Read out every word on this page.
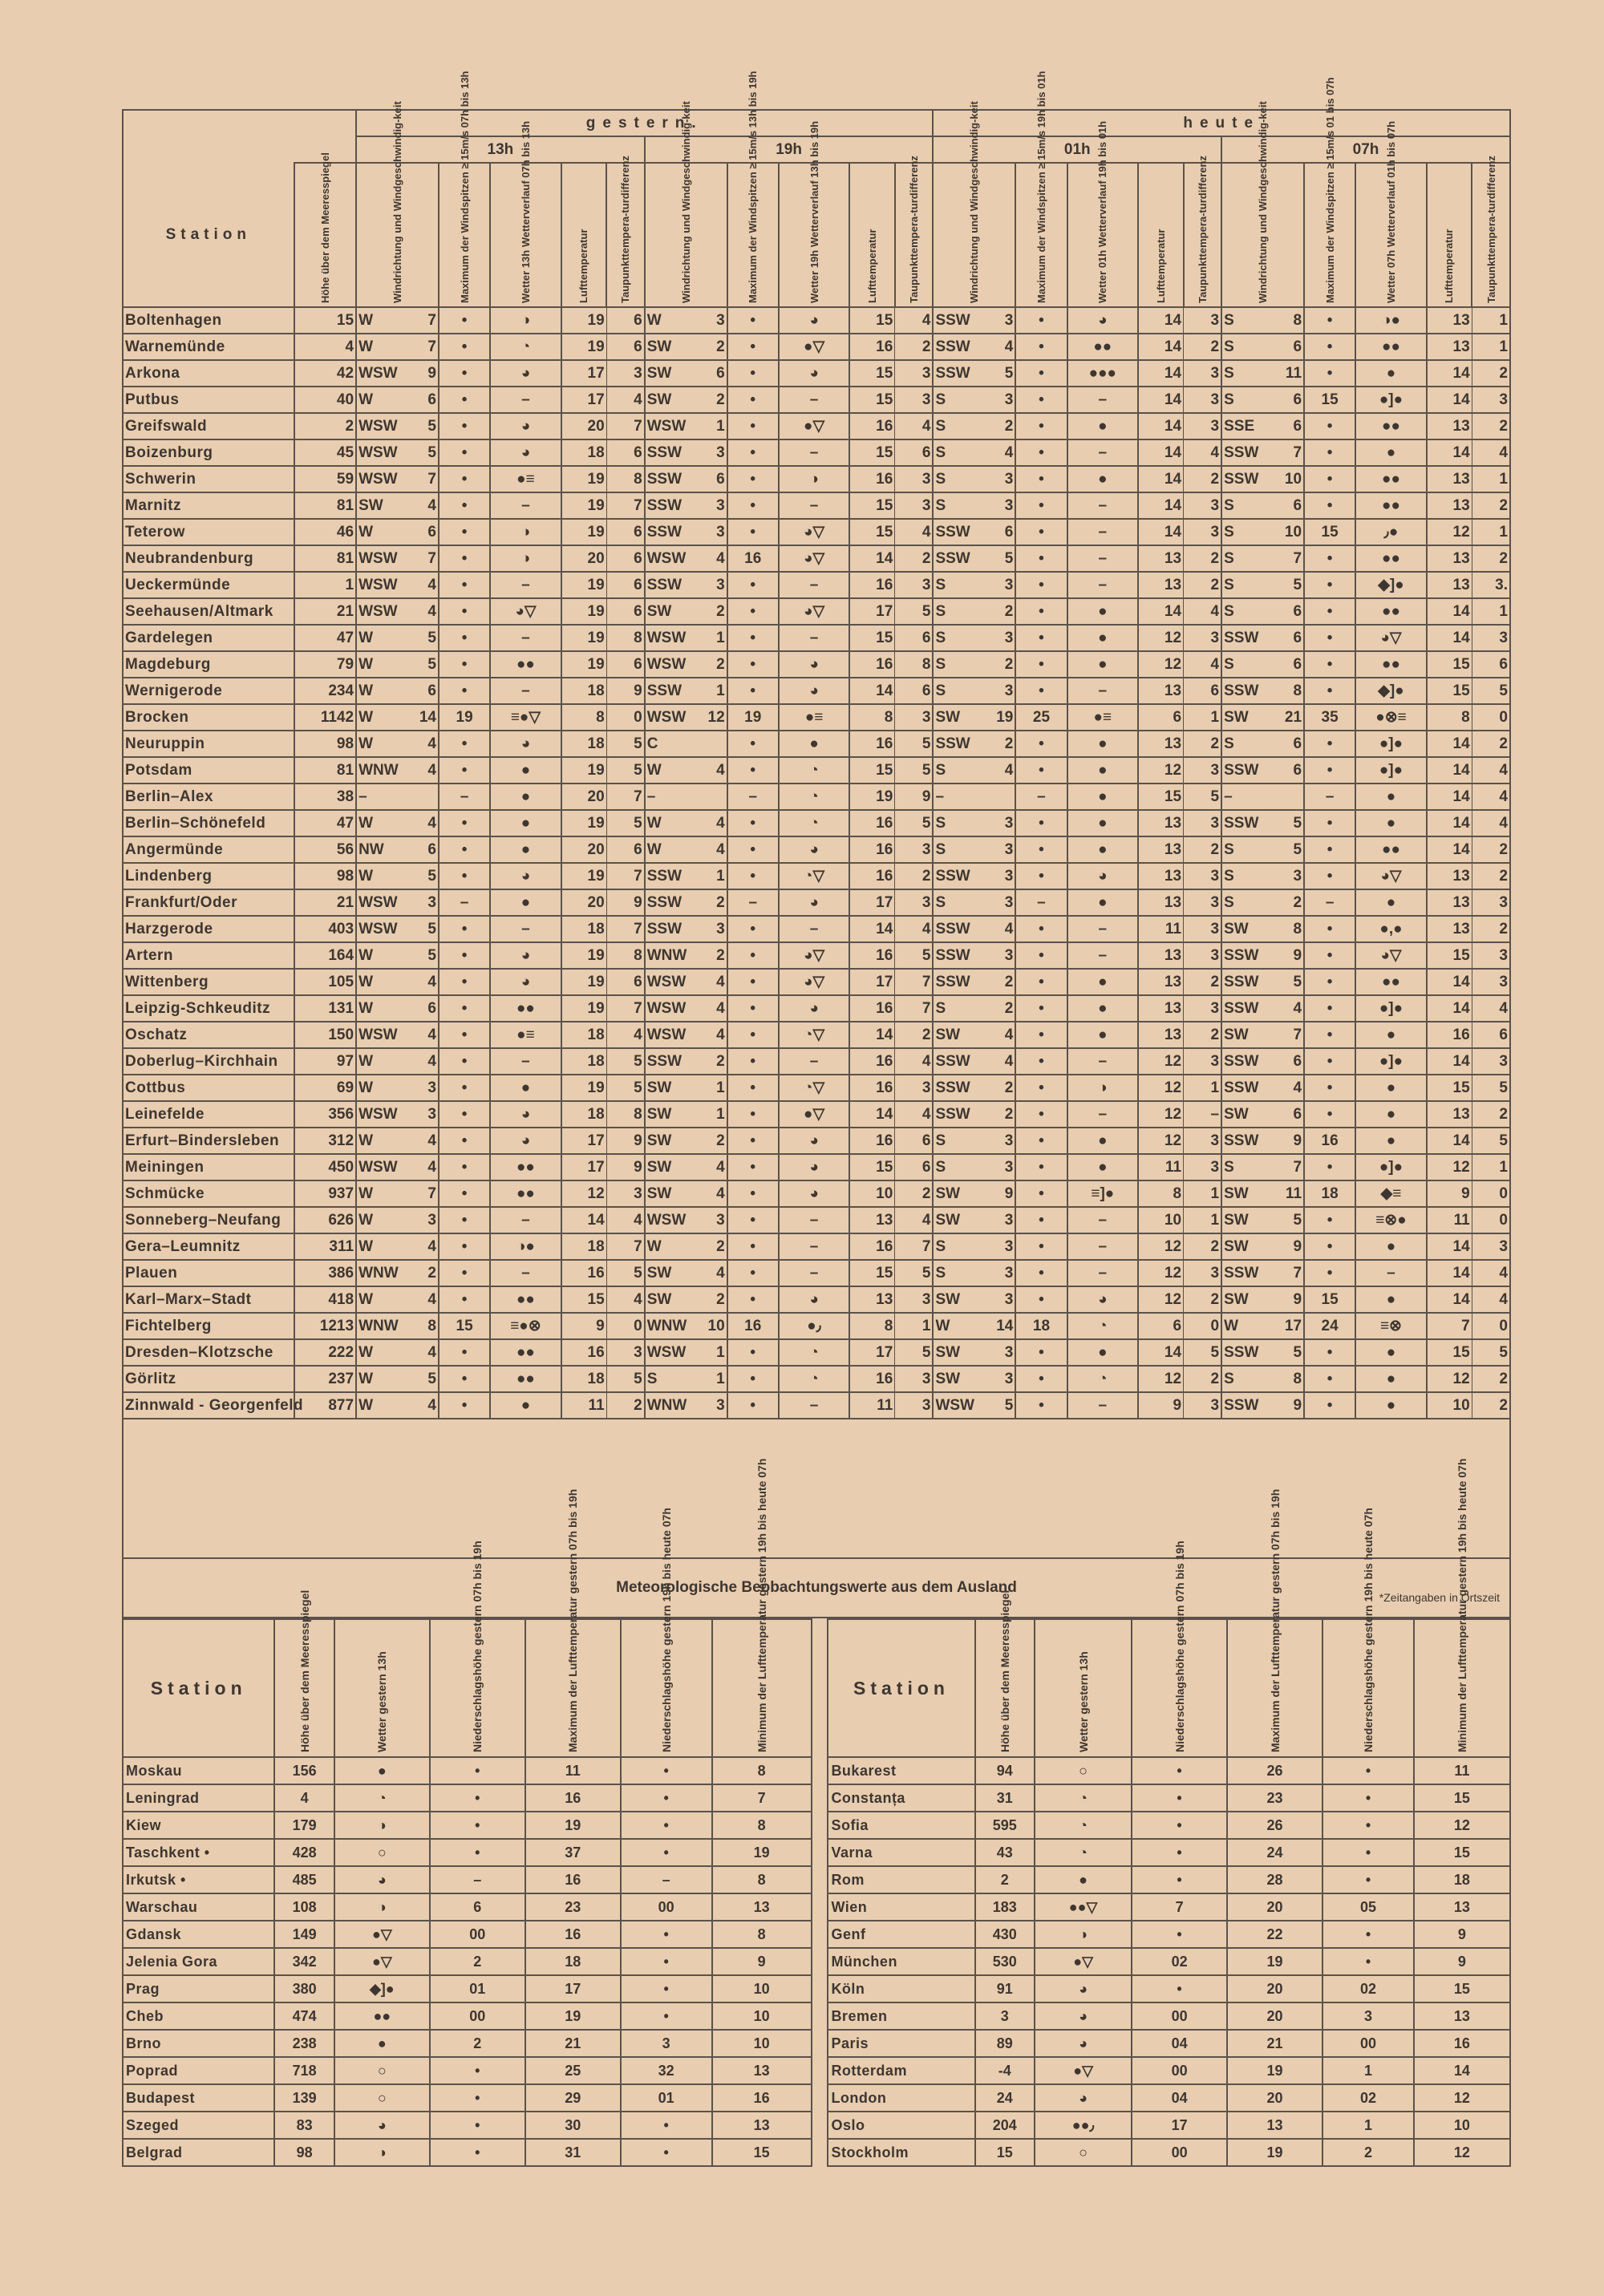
		gestern.												heute											
		13h						19h						01h						07h					
Station	Höhe über dem Meeresspiegel	Windrichtung und Windgeschwindig-keit		Maximum der Windspitzen ≥ 15m/s 07h bis 13h	Wetter 13h Wetterverlauf 07h bis 13h	Lufttemperatur	Taupunkttempera-turdifferenz	Windrichtung und Windgeschwindig-keit		Maximum der Windspitzen ≥ 15m/s 13h bis 19h	Wetter 19h Wetterverlauf 13h bis 19h	Lufttemperatur	Taupunkttempera-turdifferenz	Windrichtung und Windgeschwindig-keit		Maximum der Windspitzen ≥ 15m/s 19h bis 01h	Wetter 01h Wetterverlauf 19h bis 01h	Lufttemperatur	Taupunkttempera-turdifferenz	Windrichtung und Windgeschwindig-keit		Maximum der Windspitzen ≥ 15m/s 01 bis 07h	Wetter 07h Wetterverlauf 01h bis 07h	Lufttemperatur	Taupunkttempera-turdifferenz

Boltenhagen	15	W	7	•	◑	19	6	W	3	•	◕	15	4	SSW	3	•	◕	14	3	S	8	•	◑●	13	1
Warnemünde	4	W	7	•	◔	19	6	SW	2	•	●▽	16	2	SSW	4	•	●●	14	2	S	6	•	●●	13	1
Arkona	42	WSW	9	•	◕	17	3	SW	6	•	◕	15	3	SSW	5	•	●●●	14	3	S	11	•	●	14	2
Putbus	40	W	6	•	–	17	4	SW	2	•	–	15	3	S	3	•	–	14	3	S	6	15	●]●	14	3
Greifswald	2	WSW	5	•	◕	20	7	WSW	1	•	●▽	16	4	S	2	•	●	14	3	SSE	6	•	●●	13	2
Boizenburg	45	WSW	5	•	◕	18	6	SSW	3	•	–	15	6	S	4	•	–	14	4	SSW	7	•	●	14	4
Schwerin	59	WSW	7	•	●≡	19	8	SSW	6	•	◑	16	3	S	3	•	●	14	2	SSW	10	•	●●	13	1
Marnitz	81	SW	4	•	–	19	7	SSW	3	•	–	15	3	S	3	•	–	14	3	S	6	•	●●	13	2
Teterow	46	W	6	•	◑	19	6	SSW	3	•	◕▽	15	4	SSW	6	•	–	14	3	S	10	15	٫●	12	1
Neubrandenburg	81	WSW	7	•	◑	20	6	WSW	4	16	◕▽	14	2	SSW	5	•	–	13	2	S	7	•	●●	13	2
Ueckermünde	1	WSW	4	•	–	19	6	SSW	3	•	–	16	3	S	3	•	–	13	2	S	5	•	◆]●	13	3.
Seehausen/Altmark	21	WSW	4	•	◕▽	19	6	SW	2	•	◕▽	17	5	S	2	•	●	14	4	S	6	•	●●	14	1
Gardelegen	47	W	5	•	–	19	8	WSW	1	•	–	15	6	S	3	•	●	12	3	SSW	6	•	◕▽	14	3
Magdeburg	79	W	5	•	●●	19	6	WSW	2	•	◕	16	8	S	2	•	●	12	4	S	6	•	●●	15	6
Wernigerode	234	W	6	•	–	18	9	SSW	1	•	◕	14	6	S	3	•	–	13	6	SSW	8	•	◆]●	15	5
Brocken	1142	W	14	19	≡●▽	8	0	WSW	12	19	●≡	8	3	SW	19	25	●≡	6	1	SW	21	35	●⊗≡	8	0
Neuruppin	98	W	4	•	◕	18	5	C		•	●	16	5	SSW	2	•	●	13	2	S	6	•	●]●	14	2
Potsdam	81	WNW	4	•	●	19	5	W	4	•	◔	15	5	S	4	•	●	12	3	SSW	6	•	●]●	14	4
Berlin–Alex	38	–		–	●	20	7	–		–	◔	19	9	–		–	●	15	5	–		–	●	14	4
Berlin–Schönefeld	47	W	4	•	●	19	5	W	4	•	◔	16	5	S	3	•	●	13	3	SSW	5	•	●	14	4
Angermünde	56	NW	6	•	●	20	6	W	4	•	◕	16	3	S	3	•	●	13	2	S	5	•	●●	14	2
Lindenberg	98	W	5	•	◕	19	7	SSW	1	•	◔▽	16	2	SSW	3	•	◕	13	3	S	3	•	◕▽	13	2
Frankfurt/Oder	21	WSW	3	–	●	20	9	SSW	2	–	◕	17	3	S	3	–	●	13	3	S	2	–	●	13	3
Harzgerode	403	WSW	5	•	–	18	7	SSW	3	•	–	14	4	SSW	4	•	–	11	3	SW	8	•	●,●	13	2
Artern	164	W	5	•	◕	19	8	WNW	2	•	◕▽	16	5	SSW	3	•	–	13	3	SSW	9	•	◕▽	15	3
Wittenberg	105	W	4	•	◕	19	6	WSW	4	•	◕▽	17	7	SSW	2	•	●	13	2	SSW	5	•	●●	14	3
Leipzig-Schkeuditz	131	W	6	•	●●	19	7	WSW	4	•	◕	16	7	S	2	•	●	13	3	SSW	4	•	●]●	14	4
Oschatz	150	WSW	4	•	●≡	18	4	WSW	4	•	◔▽	14	2	SW	4	•	●	13	2	SW	7	•	●	16	6
Doberlug–Kirchhain	97	W	4	•	–	18	5	SSW	2	•	–	16	4	SSW	4	•	–	12	3	SSW	6	•	●]●	14	3
Cottbus	69	W	3	•	●	19	5	SW	1	•	◔▽	16	3	SSW	2	•	◑	12	1	SSW	4	•	●	15	5
Leinefelde	356	WSW	3	•	◕	18	8	SW	1	•	●▽	14	4	SSW	2	•	–	12	–	SW	6	•	●	13	2
Erfurt–Bindersleben	312	W	4	•	◕	17	9	SW	2	•	◕	16	6	S	3	•	●	12	3	SSW	9	16	●	14	5
Meiningen	450	WSW	4	•	●●	17	9	SW	4	•	◕	15	6	S	3	•	●	11	3	S	7	•	●]●	12	1
Schmücke	937	W	7	•	●●	12	3	SW	4	•	◕	10	2	SW	9	•	≡]●	8	1	SW	11	18	◆≡	9	0
Sonneberg–Neufang	626	W	3	•	–	14	4	WSW	3	•	–	13	4	SW	3	•	–	10	1	SW	5	•	≡⊗●	11	0
Gera–Leumnitz	311	W	4	•	◑●	18	7	W	2	•	–	16	7	S	3	•	–	12	2	SW	9	•	●	14	3
Plauen	386	WNW	2	•	–	16	5	SW	4	•	–	15	5	S	3	•	–	12	3	SSW	7	•	–	14	4
Karl–Marx–Stadt	418	W	4	•	●●	15	4	SW	2	•	◕	13	3	SW	3	•	◕	12	2	SW	9	15	●	14	4
Fichtelberg	1213	WNW	8	15	≡●⊗	9	0	WNW	10	16	●٫	8	1	W	14	18	◔	6	0	W	17	24	≡⊗	7	0
Dresden–Klotzsche	222	W	4	•	●●	16	3	WSW	1	•	◔	17	5	SW	3	•	●	14	5	SSW	5	•	●	15	5
Görlitz	237	W	5	•	●●	18	5	S	1	•	◔	16	3	SW	3	•	◔	12	2	S	8	•	●	12	2
Zinnwald - Georgenfeld	877	W	4	•	●	11	2	WNW	3	•	–	11	3	WSW	5	•	–	9	3	SSW	9	•	●	10	2

Meteorologische Beobachtungswerte aus dem Ausland
*Zeitangaben in Ortszeit																									
Station	Höhe über dem Meeresspiegel	Wetter gestern 13h	Niederschlagshöhe gestern 07h bis 19h	Maximum der Lufttemperatur gestern 07h bis 19h	Niederschlagshöhe gestern 19h bis heute 07h	Minimum der Lufttemperatur gestern 19h bis heute 07h		Station	Höhe über dem Meeresspiegel	Wetter gestern 13h	Niederschlagshöhe gestern 07h bis 19h	Maximum der Lufttemperatur gestern 07h bis 19h	Niederschlagshöhe gestern 19h bis heute 07h	Minimum der Lufttemperatur gestern 19h bis heute 07h

Moskau	156	●	•	11	•	8		Bukarest	94	○	•	26	•	11
Leningrad	4	◔	•	16	•	7		Constanța	31	◔	•	23	•	15
Kiew	179	◑	•	19	•	8		Sofia	595	◔	•	26	•	12
Taschkent •	428	○	•	37	•	19		Varna	43	◔	•	24	•	15
Irkutsk •	485	◕	–	16	–	8		Rom	2	●	•	28	•	18
Warschau	108	◑	6	23	00	13		Wien	183	●●▽	7	20	05	13
Gdansk	149	●▽	00	16	•	8		Genf	430	◑	•	22	•	9
Jelenia Gora	342	●▽	2	18	•	9		München	530	●▽	02	19	•	9
Prag	380	◆]●	01	17	•	10		Köln	91	◕	•	20	02	15
Cheb	474	●●	00	19	•	10		Bremen	3	◕	00	20	3	13
Brno	238	●	2	21	3	10		Paris	89	◕	04	21	00	16
Poprad	718	○	•	25	32	13		Rotterdam	-4	●▽	00	19	1	14
Budapest	139	○	•	29	01	16		London	24	◕	04	20	02	12
Szeged	83	◕	•	30	•	13		Oslo	204	●●٫	17	13	1	10
Belgrad	98	◑	•	31	•	15		Stockholm	15	○	00	19	2	12
